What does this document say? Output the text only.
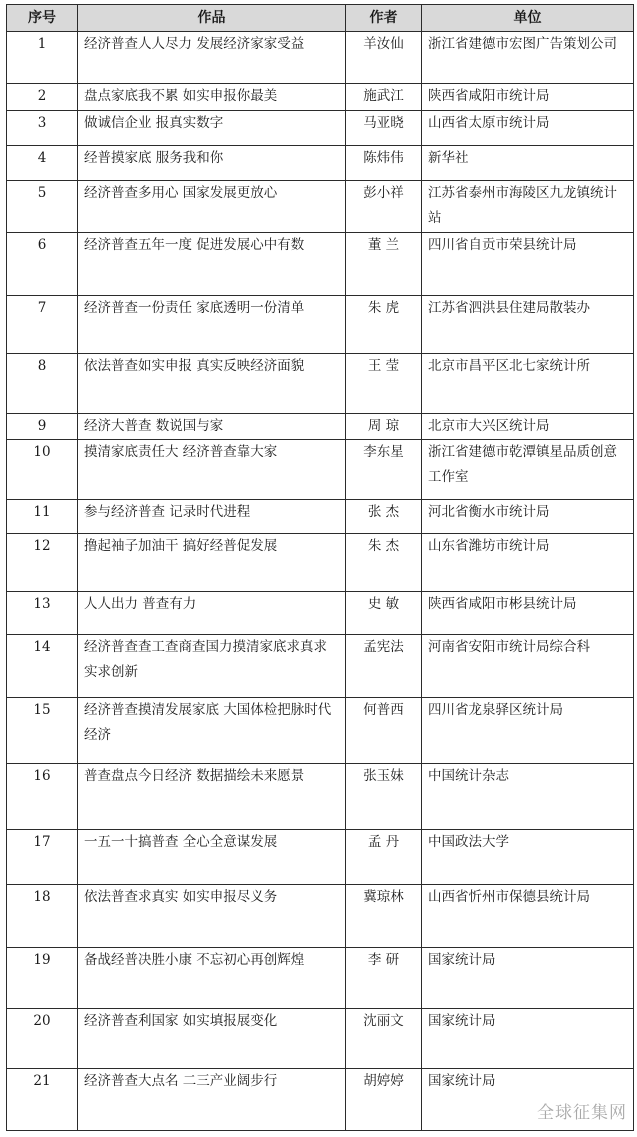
序号	作品	作者	单位
1	经济普查人人尽力 发展经济家家受益	羊汝仙	浙江省建德市宏图广告策划公司
2	盘点家底我不累 如实申报你最美	施武江	陕西省咸阳市统计局
3	做诚信企业 报真实数字	马亚晓	山西省太原市统计局
4	经普摸家底 服务我和你	陈炜伟	新华社
5	经济普查多用心 国家发展更放心	彭小祥	江苏省泰州市海陵区九龙镇统计站
6	经济普查五年一度 促进发展心中有数	董 兰	四川省自贡市荣县统计局
7	经济普查一份责任 家底透明一份清单	朱 虎	江苏省泗洪县住建局散装办
8	依法普查如实申报 真实反映经济面貌	王 莹	北京市昌平区北七家统计所
9	经济大普查 数说国与家	周 琼	北京市大兴区统计局
10	摸清家底责任大 经济普查靠大家	李东星	浙江省建德市乾潭镇星品质创意工作室
11	参与经济普查 记录时代进程	张 杰	河北省衡水市统计局
12	撸起袖子加油干 搞好经普促发展	朱 杰	山东省潍坊市统计局
13	人人出力 普查有力	史 敏	陕西省咸阳市彬县统计局
14	经济普查查工查商查国力摸清家底求真求实求创新	孟宪法	河南省安阳市统计局综合科
15	经济普查摸清发展家底 大国体检把脉时代经济	何普西	四川省龙泉驿区统计局
16	普查盘点今日经济 数据描绘未来愿景	张玉妹	中国统计杂志
17	一五一十搞普查 全心全意谋发展	孟 丹	中国政法大学
18	依法普查求真实 如实申报尽义务	冀琼林	山西省忻州市保德县统计局
19	备战经普决胜小康 不忘初心再创辉煌	李 研	国家统计局
20	经济普查利国家 如实填报展变化	沈丽文	国家统计局
21	经济普查大点名 二三产业阔步行	胡婷婷	国家统计局
全球征集网
